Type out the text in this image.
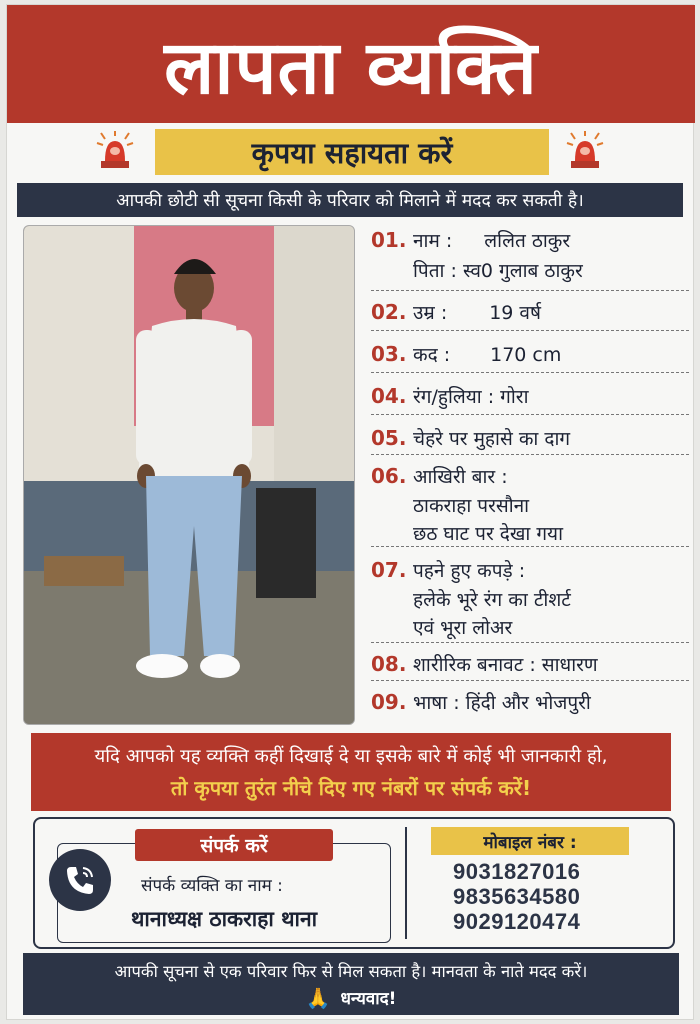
लापता व्यक्ति
कृपया सहायता करें
आपकी छोटी सी सूचना किसी के परिवार को मिलाने में मदद कर सकती है।
01. नाम : ललित ठाकुर
पिता : स्व0 गुलाब ठाकुर
02. उम्र : 19 वर्ष
03. कद : 170 cm
04. रंग/हुलिया : गोरा
05. चेहरे पर मुहासे का दाग
06. आखिरी बार :
ठाकराहा परसौना
छठ घाट पर देखा गया
07. पहने हुए कपड़े :
हलेके भूरे रंग का टीशर्ट
एवं भूरा लोअर
08. शारीरिक बनावट : साधारण
09. भाषा : हिंदी और भोजपुरी
यदि आपको यह व्यक्ति कहीं दिखाई दे या इसके बारे में कोई भी जानकारी हो,
तो कृपया तुरंत नीचे दिए गए नंबरों पर संपर्क करें!
संपर्क करें
संपर्क व्यक्ति का नाम :
थानाध्यक्ष ठाकराहा थाना
मोबाइल नंबर :
9031827016
9835634580
9029120474
आपकी सूचना से एक परिवार फिर से मिल सकता है। मानवता के नाते मदद करें।
🙏 धन्यवाद!
